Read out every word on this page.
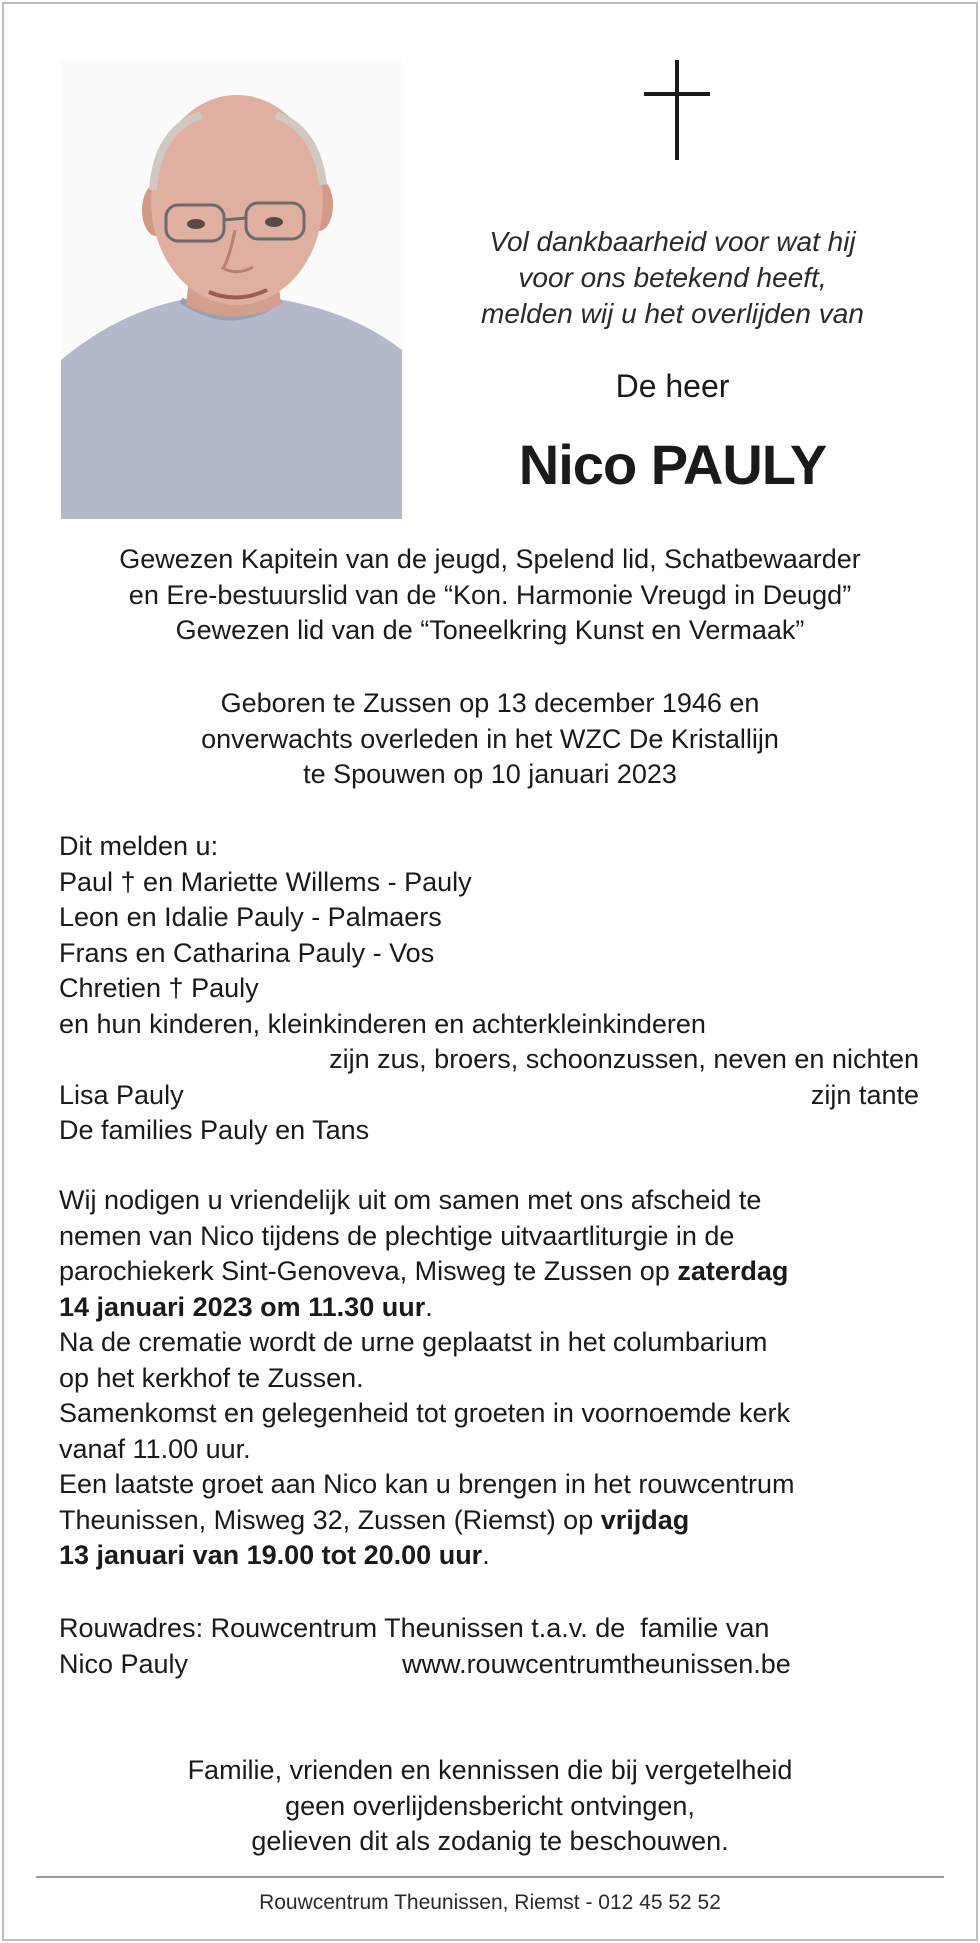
Vol dankbaarheid voor wat hij
voor ons betekend heeft,
melden wij u het overlijden van
De heer
Nico PAULY
Gewezen Kapitein van de jeugd, Spelend lid, Schatbewaarder
en Ere-bestuurslid van de “Kon. Harmonie Vreugd in Deugd”
Gewezen lid van de “Toneelkring Kunst en Vermaak”
Geboren te Zussen op 13 december 1946 en
onverwachts overleden in het WZC De Kristallijn
te Spouwen op 10 januari 2023
Dit melden u:
Paul † en Mariette Willems - Pauly
Leon en Idalie Pauly - Palmaers
Frans en Catharina Pauly - Vos
Chretien † Pauly
en hun kinderen, kleinkinderen en achterkleinkinderen
zijn zus, broers, schoonzussen, neven en nichten
Lisa Pauly	zijn tante
De families Pauly en Tans
Wij nodigen u vriendelijk uit om samen met ons afscheid te
nemen van Nico tijdens de plechtige uitvaartliturgie in de
parochiekerk Sint-Genoveva, Misweg te Zussen op zaterdag
14 januari 2023 om 11.30 uur.
Na de crematie wordt de urne geplaatst in het columbarium
op het kerkhof te Zussen.
Samenkomst en gelegenheid tot groeten in voornoemde kerk
vanaf 11.00 uur.
Een laatste groet aan Nico kan u brengen in het rouwcentrum
Theunissen, Misweg 32, Zussen (Riemst) op vrijdag
13 januari van 19.00 tot 20.00 uur.
Rouwadres: Rouwcentrum Theunissen t.a.v. de  familie van
Nico Pauly	www.rouwcentrumtheunissen.be
Familie, vrienden en kennissen die bij vergetelheid
geen overlijdensbericht ontvingen,
gelieven dit als zodanig te beschouwen.
Rouwcentrum Theunissen, Riemst - 012 45 52 52
